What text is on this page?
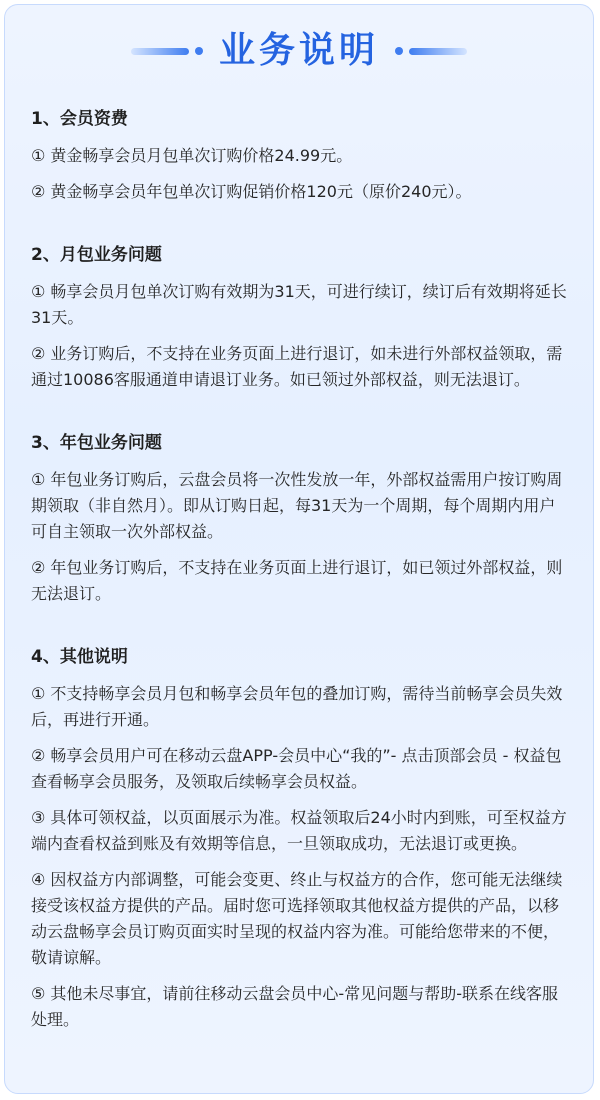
业务说明
1、会员资费
① 黄金畅享会员月包单次订购价格24.99元。
② 黄金畅享会员年包单次订购促销价格120元（原价240元）。
2、月包业务问题
① 畅享会员月包单次订购有效期为31天，可进行续订，续订后有效期将延长31天。
② 业务订购后，不支持在业务页面上进行退订，如未进行外部权益领取，需通过10086客服通道申请退订业务。如已领过外部权益，则无法退订。
3、年包业务问题
① 年包业务订购后，云盘会员将一次性发放一年，外部权益需用户按订购周期领取（非自然月）。即从订购日起，每31天为一个周期，每个周期内用户可自主领取一次外部权益。
② 年包业务订购后，不支持在业务页面上进行退订，如已领过外部权益，则无法退订。
4、其他说明
① 不支持畅享会员月包和畅享会员年包的叠加订购，需待当前畅享会员失效后，再进行开通。
② 畅享会员用户可在移动云盘APP-会员中心“我的”- 点击顶部会员 - 权益包查看畅享会员服务，及领取后续畅享会员权益。
③ 具体可领权益，以页面展示为准。权益领取后24小时内到账，可至权益方端内查看权益到账及有效期等信息，一旦领取成功，无法退订或更换。
④ 因权益方内部调整，可能会变更、终止与权益方的合作，您可能无法继续接受该权益方提供的产品。届时您可选择领取其他权益方提供的产品，以移动云盘畅享会员订购页面实时呈现的权益内容为准。可能给您带来的不便，敬请谅解。
⑤ 其他未尽事宜，请前往移动云盘会员中心-常见问题与帮助-联系在线客服处理。
